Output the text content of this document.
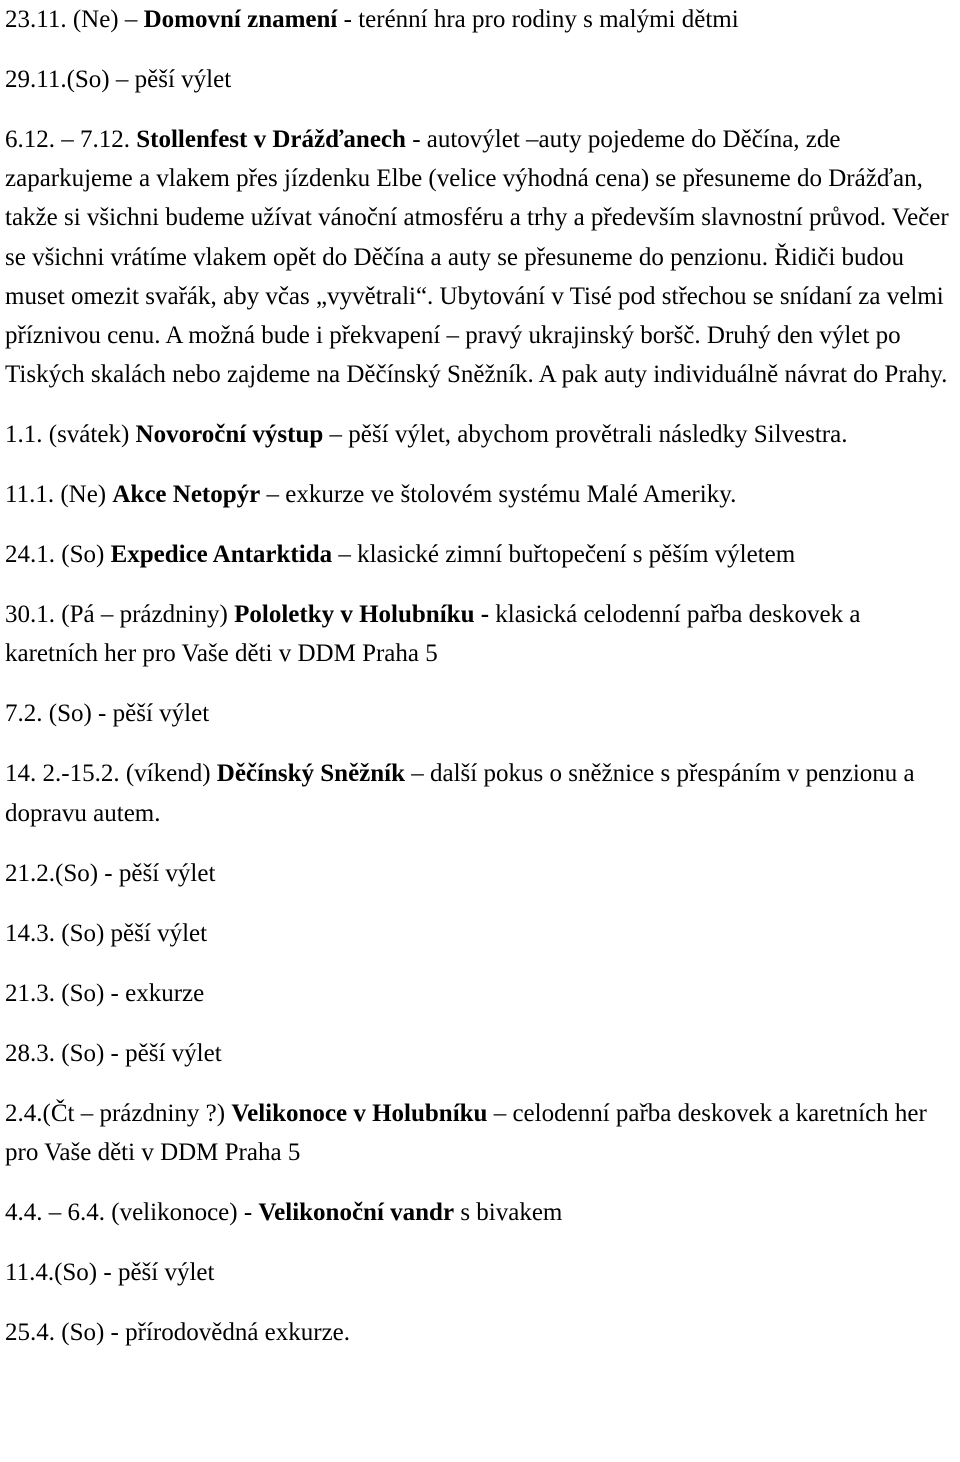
23.11. (Ne) – Domovní znamení - terénní hra pro rodiny s malými dětmi

29.11.(So) – pěší výlet

6.12. – 7.12. Stollenfest v Drážďanech - autovýlet –auty pojedeme do Děčína, zde zaparkujeme a vlakem přes jízdenku Elbe (velice výhodná cena) se přesuneme do Drážďan, takže si všichni budeme užívat vánoční atmosféru a trhy a především slavnostní průvod. Večer se všichni vrátíme vlakem opět do Děčína a auty se přesuneme do penzionu. Řidiči budou muset omezit svařák, aby včas „vyvětrali“. Ubytování v Tisé pod střechou se snídaní za velmi příznivou cenu. A možná bude i překvapení – pravý ukrajinský boršč. Druhý den výlet po Tiských skalách nebo zajdeme na Děčínský Sněžník. A pak auty individuálně návrat do Prahy.

1.1. (svátek) Novoroční výstup – pěší výlet, abychom provětrali následky Silvestra.

11.1. (Ne) Akce Netopýr – exkurze ve štolovém systému Malé Ameriky.

24.1. (So) Expedice Antarktida – klasické zimní buřtopečení s pěším výletem

30.1. (Pá – prázdniny) Pololetky v Holubníku - klasická celodenní pařba deskovek a karetních her pro Vaše děti v DDM Praha 5

7.2. (So) - pěší výlet

14. 2.-15.2. (víkend) Děčínský Sněžník – další pokus o sněžnice s přespáním v penzionu a dopravu autem.

21.2.(So) - pěší výlet

14.3. (So) pěší výlet

21.3. (So) - exkurze

28.3. (So) - pěší výlet

2.4.(Čt – prázdniny ?) Velikonoce v Holubníku – celodenní pařba deskovek a karetních her pro Vaše děti v DDM Praha 5

4.4. – 6.4. (velikonoce) - Velikonoční vandr s bivakem

11.4.(So) - pěší výlet

25.4. (So) - přírodovědná exkurze.
